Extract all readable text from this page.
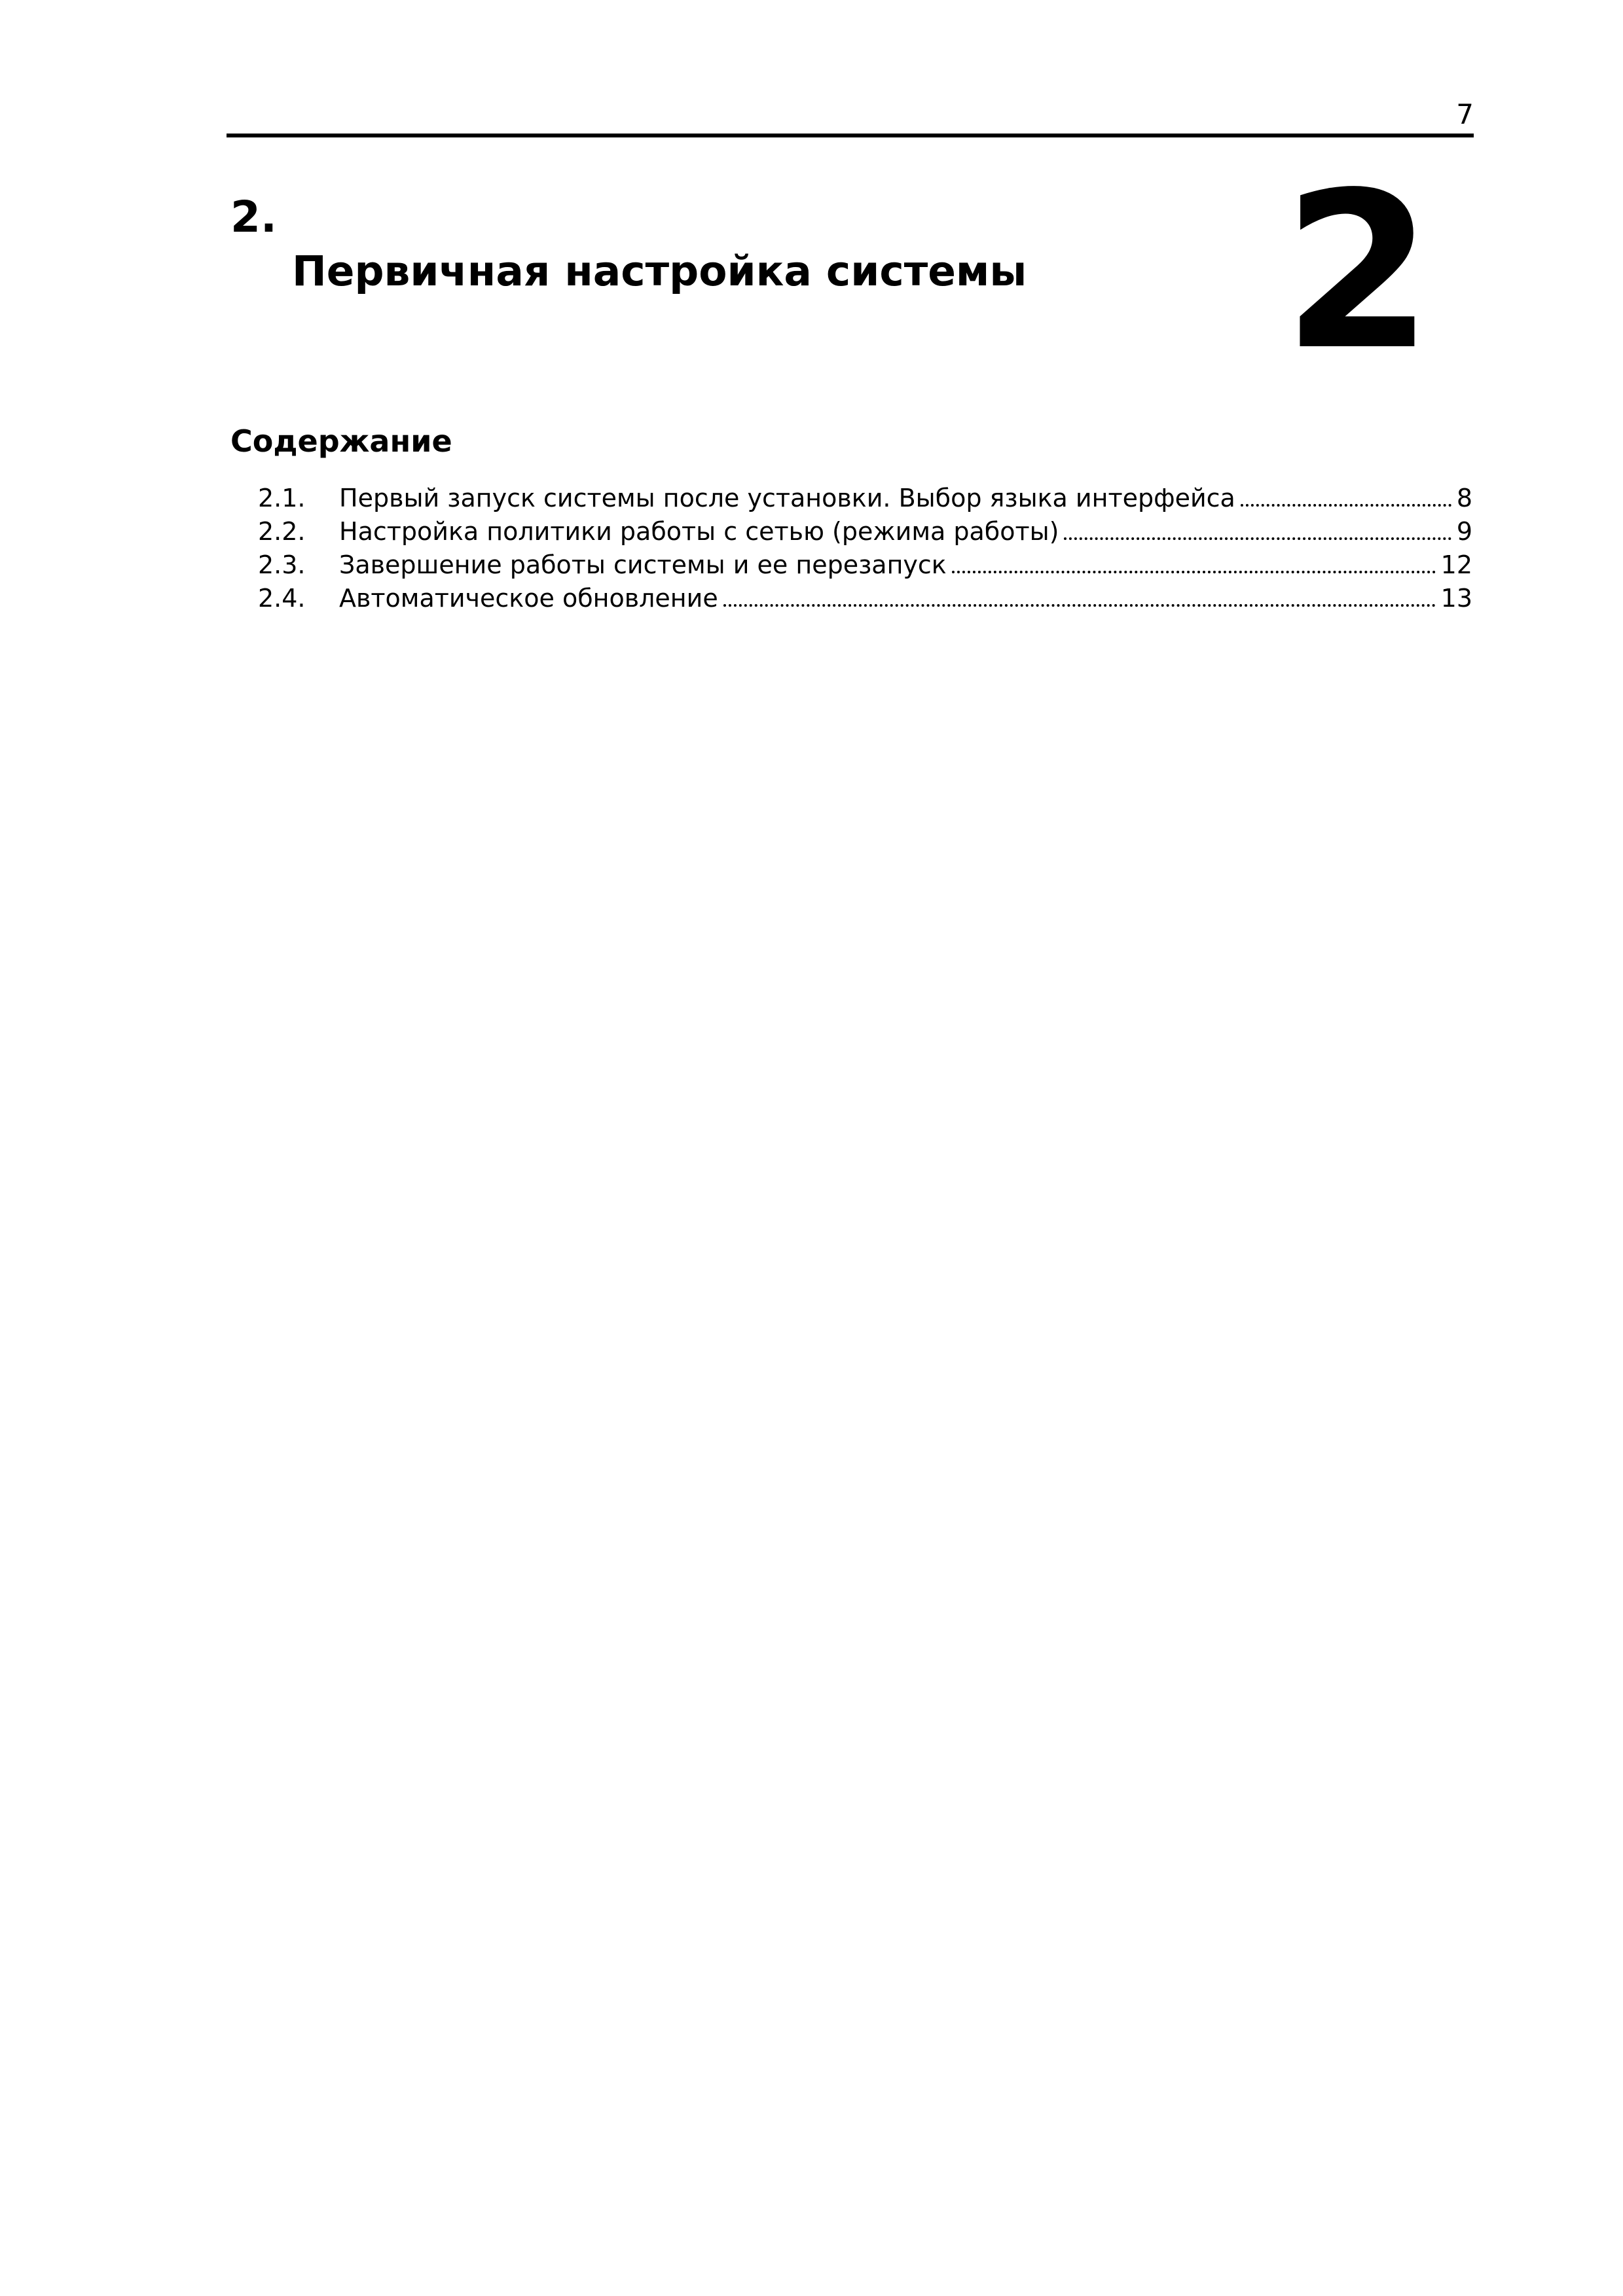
7
2.
Первичная настройка системы 2
Содержание
2.1.	Первый запуск системы после установки. Выбор языка интерфейса	8
2.2.	Настройка политики работы с сетью (режима работы)	9
2.3.	Завершение работы системы и ее перезапуск	12
2.4.	Автоматическое обновление	13
